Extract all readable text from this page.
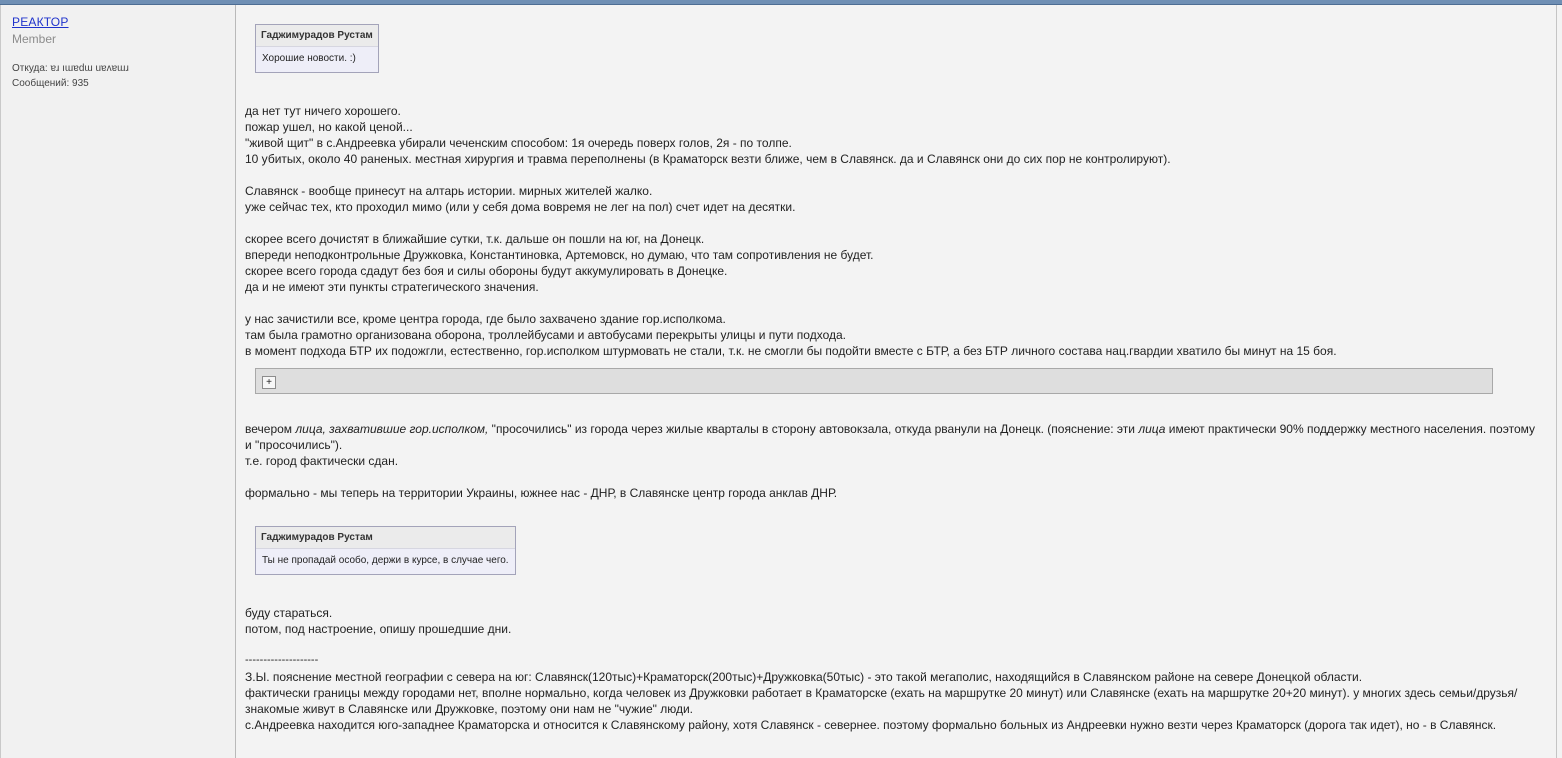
РЕАКТОР
Member
Откуда: ɐɹ ıɯɐdɯ uɐʌɐɯɹ
Сообщений: 935
Гаджимурадов Рустам
Хорошие новости. :)
да нет тут ничего хорошего.
пожар ушел, но какой ценой...
"живой щит" в с.Андреевка убирали чеченским способом: 1я очередь поверх голов, 2я - по толпе.
10 убитых, около 40 раненых. местная хирургия и травма переполнены (в Краматорск везти ближе, чем в Славянск. да и Славянск они до сих пор не контролируют).
Славянск - вообще принесут на алтарь истории. мирных жителей жалко.
уже сейчас тех, кто проходил мимо (или у себя дома вовремя не лег на пол) счет идет на десятки.
скорее всего дочистят в ближайшие сутки, т.к. дальше он пошли на юг, на Донецк.
впереди неподконтрольные Дружковка, Константиновка, Артемовск, но думаю, что там сопротивления не будет.
скорее всего города сдадут без боя и силы обороны будут аккумулировать в Донецке.
да и не имеют эти пункты стратегического значения.
у нас зачистили все, кроме центра города, где было захвачено здание гор.исполкома.
там была грамотно организована оборона, троллейбусами и автобусами перекрыты улицы и пути подхода.
в момент подхода БТР их подожгли, естественно, гор.исполком штурмовать не стали, т.к. не смогли бы подойти вместе с БТР, а без БТР личного состава нац.гвардии хватило бы минут на 15 боя.
+
вечером лица, захватившие гор.исполком, "просочились" из города через жилые кварталы в сторону автовокзала, откуда рванули на Донецк. (пояснение: эти лица имеют практически 90% поддержку местного населения. поэтому и "просочились").
т.е. город фактически сдан.
формально - мы теперь на территории Украины, южнее нас - ДНР, в Славянске центр города анклав ДНР.
Гаджимурадов Рустам
Ты не пропадай особо, держи в курсе, в случае чего.
буду стараться.
потом, под настроение, опишу прошедшие дни.
--------------------
З.Ы. пояснение местной географии с севера на юг: Славянск(120тыс)+Краматорск(200тыс)+Дружковка(50тыс) - это такой мегаполис, находящийся в Славянском районе на севере Донецкой области.
фактически границы между городами нет, вполне нормально, когда человек из Дружковки работает в Краматорске (ехать на маршрутке 20 минут) или Славянске (ехать на маршрутке 20+20 минут). у многих здесь семьи/друзья/знакомые живут в Славянске или Дружковке, поэтому они нам не "чужие" люди.
с.Андреевка находится юго-западнее Краматорска и относится к Славянскому району, хотя Славянск - севернее. поэтому формально больных из Андреевки нужно везти через Краматорск (дорога так идет), но - в Славянск.
